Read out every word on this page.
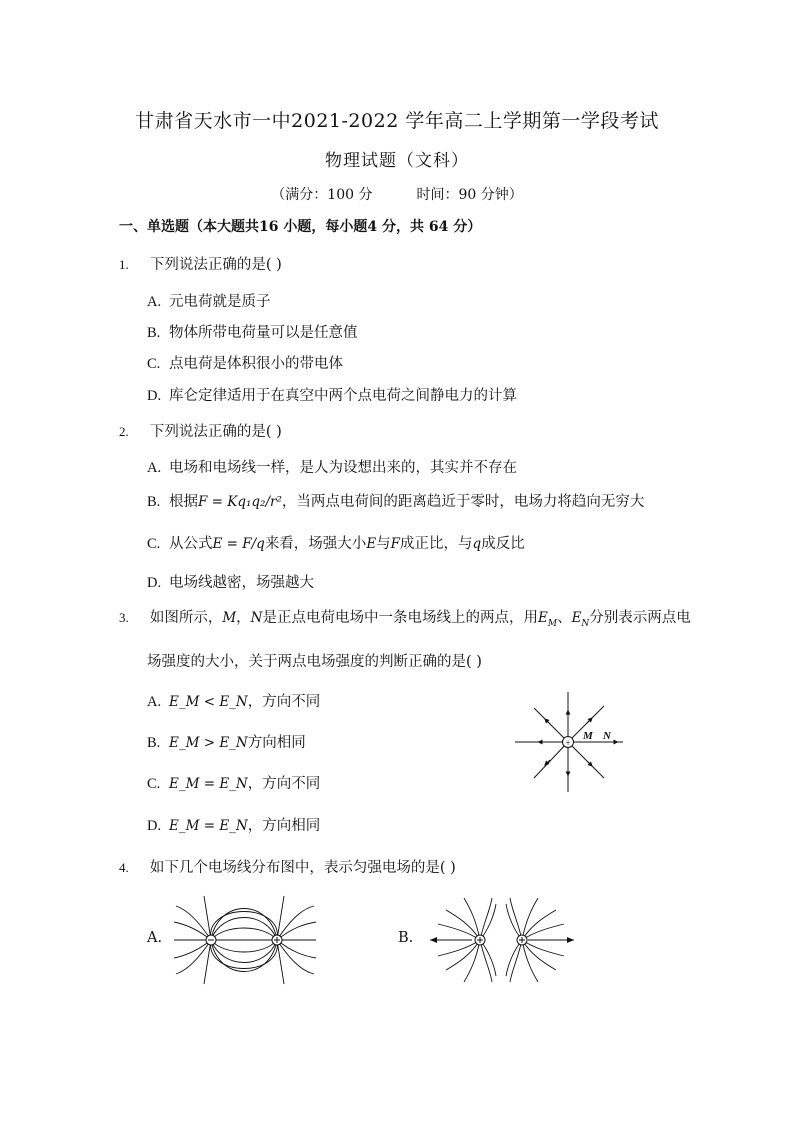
甘肃省天水市一中2021-2022 学年高二上学期第一学段考试
物理试题（文科）
（满分：100 分	时间：90 分钟）
一、单选题（本大题共16 小题，每小题4 分，共 64 分）
1. 下列说法正确的是( )
A. 元电荷就是质子
B. 物体所带电荷量可以是任意值
C. 点电荷是体积很小的带电体
D. 库仑定律适用于在真空中两个点电荷之间静电力的计算
2. 下列说法正确的是( )
A. 电场和电场线一样，是人为设想出来的，其实并不存在
B. 根据F = Kq₁q₂/r²，当两点电荷间的距离趋近于零时，电场力将趋向无穷大
C. 从公式E = F/q来看，场强大小E与F成正比，与q成反比
D. 电场线越密，场强越大
3. 如图所示，M，N是正点电荷电场中一条电场线上的两点，用$E_M$、$E_N$分别表示两点电
场强度的大小，关于两点电场强度的判断正确的是( )
A. E_M < E_N，方向不同
B. E_M > E_N方向相同
C. E_M = E_N，方向不同
D. E_M = E_N，方向相同
+
M N
4. 如下几个电场线分布图中，表示匀强电场的是( )
A.	B.
